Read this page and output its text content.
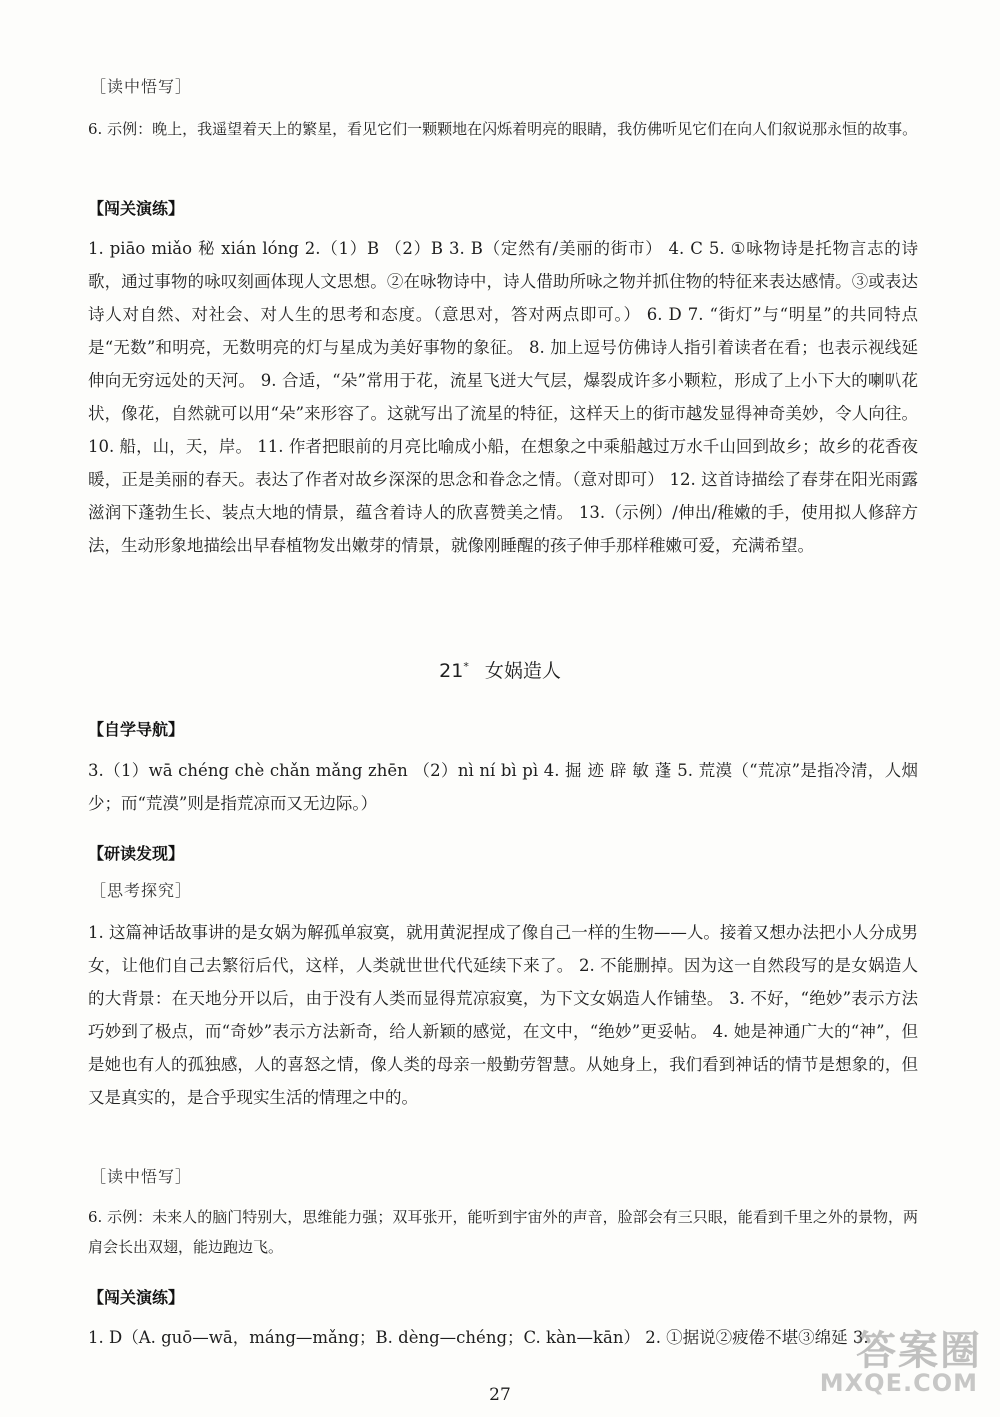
［读中悟写］
6. 示例：晚上，我遥望着天上的繁星，看见它们一颗颗地在闪烁着明亮的眼睛，我仿佛听见它们在向人们叙说那永恒的故事。
【闯关演练】
1. piāo miǎo 秘 xián lóng 2.（1）B （2）B 3. B（定然有/美丽的街市） 4. C 5. ①咏物诗是托物言志的诗歌，通过事物的咏叹刻画体现人文思想。②在咏物诗中，诗人借助所咏之物并抓住物的特征来表达感情。③或表达诗人对自然、对社会、对人生的思考和态度。（意思对，答对两点即可。） 6. D 7. “街灯”与“明星”的共同特点是“无数”和明亮，无数明亮的灯与星成为美好事物的象征。 8. 加上逗号仿佛诗人指引着读者在看；也表示视线延伸向无穷远处的天河。 9. 合适，“朵”常用于花，流星飞迸大气层，爆裂成许多小颗粒，形成了上小下大的喇叭花状，像花，自然就可以用“朵”来形容了。这就写出了流星的特征，这样天上的街市越发显得神奇美妙，令人向往。 10. 船，山，天，岸。 11. 作者把眼前的月亮比喻成小船，在想象之中乘船越过万水千山回到故乡；故乡的花香夜暖，正是美丽的春天。表达了作者对故乡深深的思念和眷念之情。（意对即可） 12. 这首诗描绘了春芽在阳光雨露滋润下蓬勃生长、装点大地的情景，蕴含着诗人的欣喜赞美之情。 13.（示例）/伸出/稚嫩的手，使用拟人修辞方法，生动形象地描绘出早春植物发出嫩芽的情景，就像刚睡醒的孩子伸手那样稚嫩可爱，充满希望。
21* 女娲造人
【自学导航】
3.（1）wā chéng chè chǎn mǎng zhēn （2）nì ní bì pì 4. 掘 迹 辟 敏 蓬 5. 荒漠（“荒凉”是指冷清，人烟少；而“荒漠”则是指荒凉而又无边际。）
【研读发现】
［思考探究］
1. 这篇神话故事讲的是女娲为解孤单寂寞，就用黄泥捏成了像自己一样的生物——人。接着又想办法把小人分成男女，让他们自己去繁衍后代，这样，人类就世世代代延续下来了。 2. 不能删掉。因为这一自然段写的是女娲造人的大背景：在天地分开以后，由于没有人类而显得荒凉寂寞，为下文女娲造人作铺垫。 3. 不好，“绝妙”表示方法巧妙到了极点，而“奇妙”表示方法新奇，给人新颖的感觉，在文中，“绝妙”更妥帖。 4. 她是神通广大的“神”，但是她也有人的孤独感，人的喜怒之情，像人类的母亲一般勤劳智慧。从她身上，我们看到神话的情节是想象的，但又是真实的，是合乎现实生活的情理之中的。
［读中悟写］
6. 示例：未来人的脑门特别大，思维能力强；双耳张开，能听到宇宙外的声音，脸部会有三只眼，能看到千里之外的景物，两肩会长出双翅，能边跑边飞。
【闯关演练】
1. D（A. guō—wā，máng—mǎng；B. dèng—chéng；C. kàn—kān） 2. ①据说②疲倦不堪③绵延 3.
27
答案圈
MXQE.COM
